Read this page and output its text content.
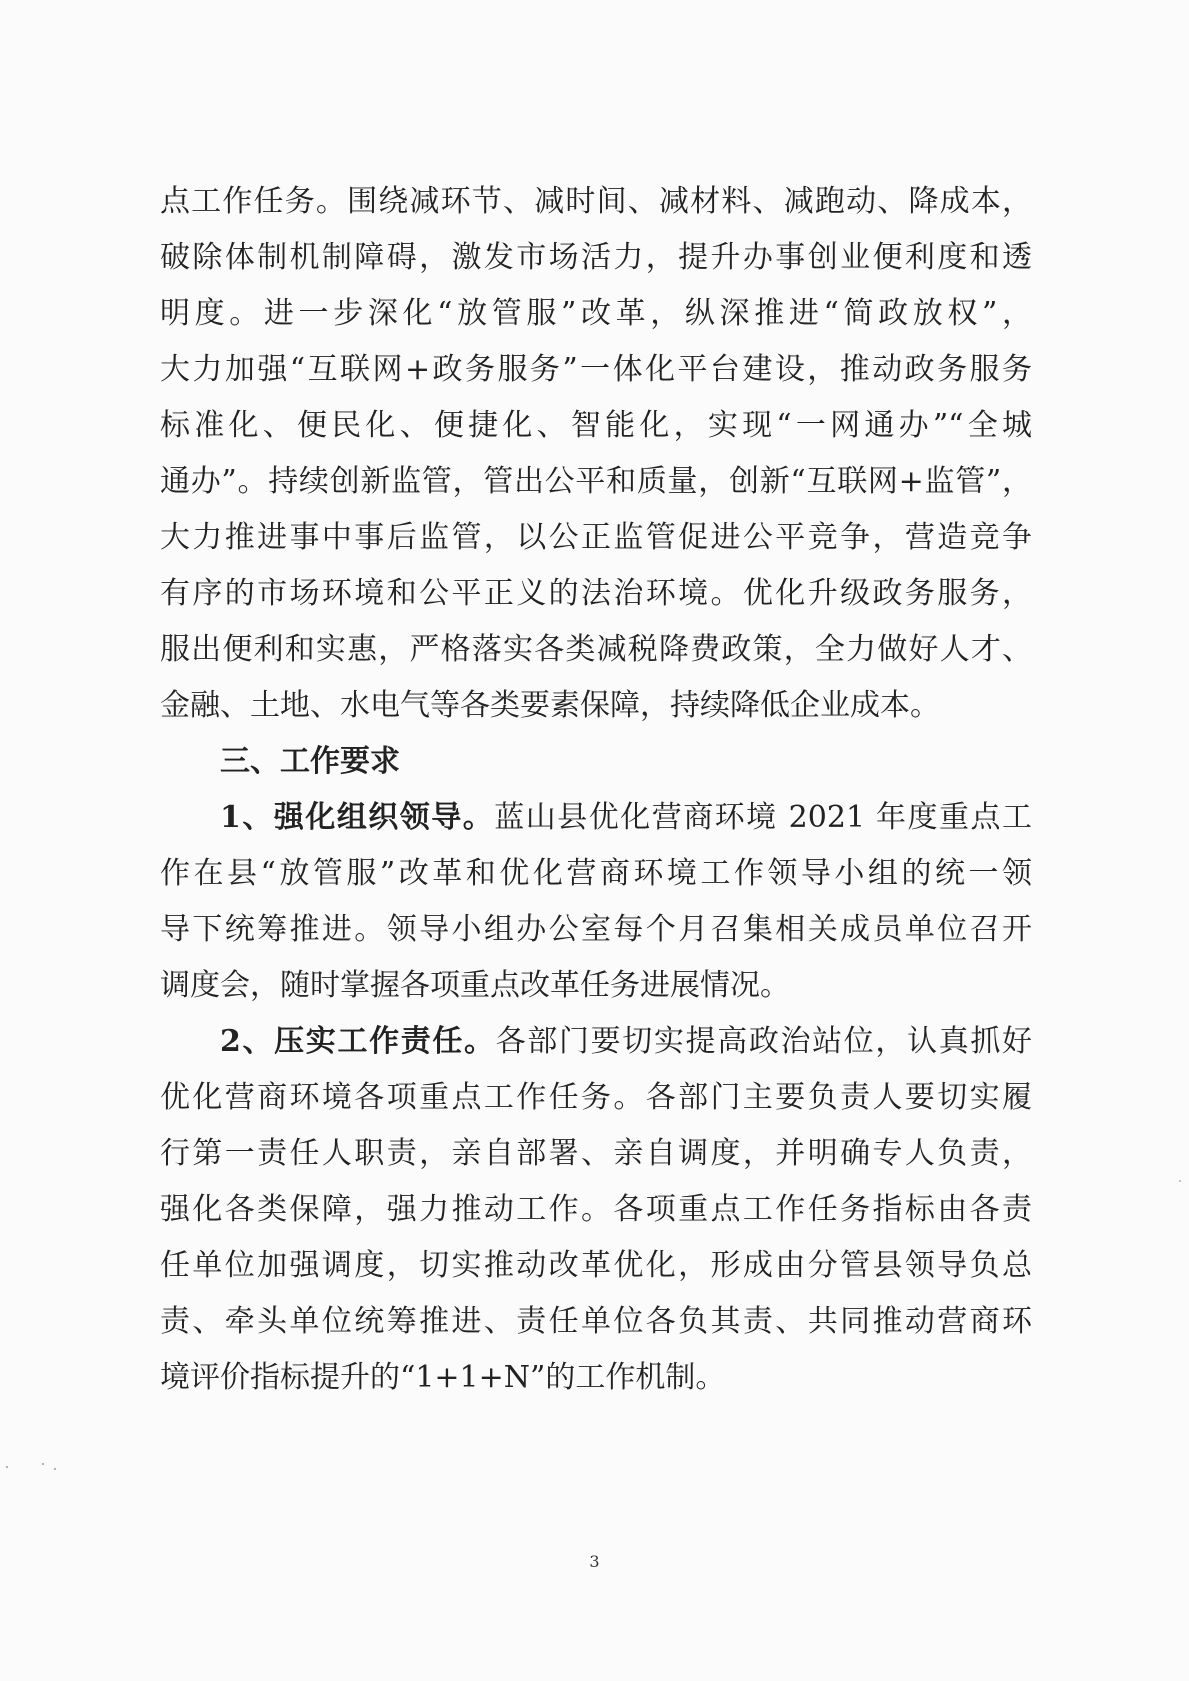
点工作任务。围绕减环节、减时间、减材料、减跑动、降成本，
破除体制机制障碍，激发市场活力，提升办事创业便利度和透
明度。进一步深化“放管服”改革，纵深推进“简政放权”，
大力加强“互联网+政务服务”一体化平台建设，推动政务服务
标准化、便民化、便捷化、智能化，实现“一网通办”“全城
通办”。持续创新监管，管出公平和质量，创新“互联网+监管”，
大力推进事中事后监管，以公正监管促进公平竞争，营造竞争
有序的市场环境和公平正义的法治环境。优化升级政务服务，
服出便利和实惠，严格落实各类减税降费政策，全力做好人才、
金融、土地、水电气等各类要素保障，持续降低企业成本。
三、工作要求
1、强化组织领导。蓝山县优化营商环境 2021 年度重点工
作在县“放管服”改革和优化营商环境工作领导小组的统一领
导下统筹推进。领导小组办公室每个月召集相关成员单位召开
调度会，随时掌握各项重点改革任务进展情况。
2、压实工作责任。各部门要切实提高政治站位，认真抓好
优化营商环境各项重点工作任务。各部门主要负责人要切实履
行第一责任人职责，亲自部署、亲自调度，并明确专人负责，
强化各类保障，强力推动工作。各项重点工作任务指标由各责
任单位加强调度，切实推动改革优化，形成由分管县领导负总
责、牵头单位统筹推进、责任单位各负其责、共同推动营商环
境评价指标提升的“1+1+N”的工作机制。
3
